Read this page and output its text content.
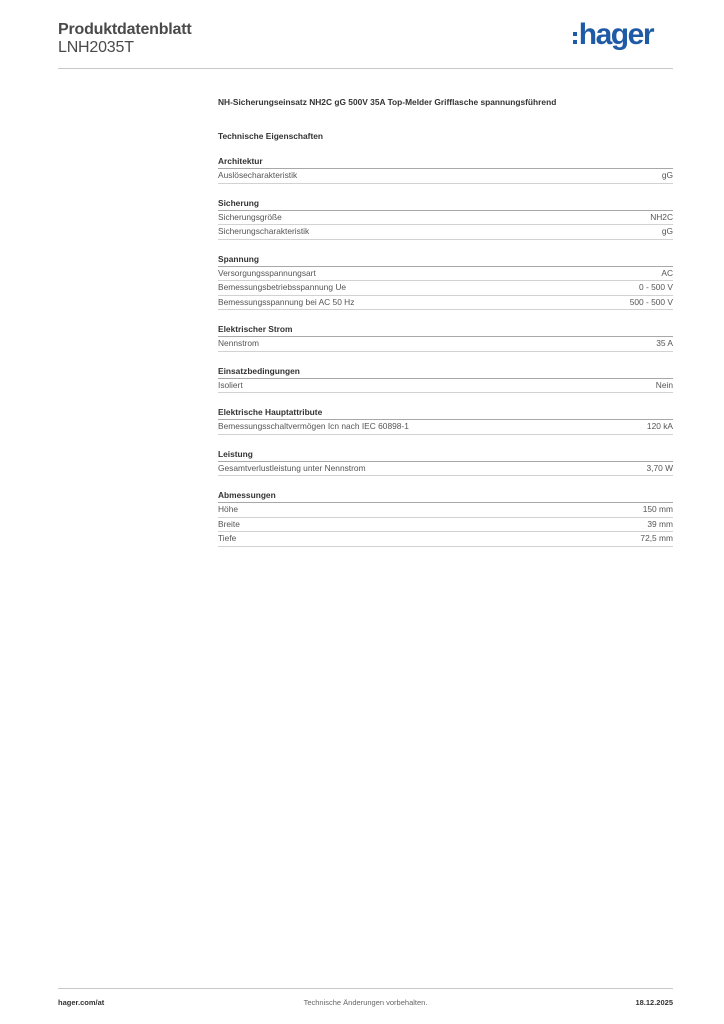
Produktdatenblatt
LNH2035T	hager
NH-Sicherungseinsatz NH2C gG 500V 35A Top-Melder Grifflasche spannungsführend
Technische Eigenschaften
Architektur
Auslösecharakteristik	gG
Sicherung
Sicherungsgröße	NH2C
Sicherungscharakteristik	gG
Spannung
Versorgungsspannungsart	AC
Bemessungsbetriebsspannung Ue	0 - 500 V
Bemessungsspannung bei AC 50 Hz	500 - 500 V
Elektrischer Strom
Nennstrom	35 A
Einsatzbedingungen
Isoliert	Nein
Elektrische Hauptattribute
Bemessungsschaltvermögen Icn nach IEC 60898-1	120 kA
Leistung
Gesamtverlustleistung unter Nennstrom	3,70 W
Abmessungen
Höhe	150 mm
Breite	39 mm
Tiefe	72,5 mm
hager.com/at	Technische Änderungen vorbehalten.	18.12.2025
